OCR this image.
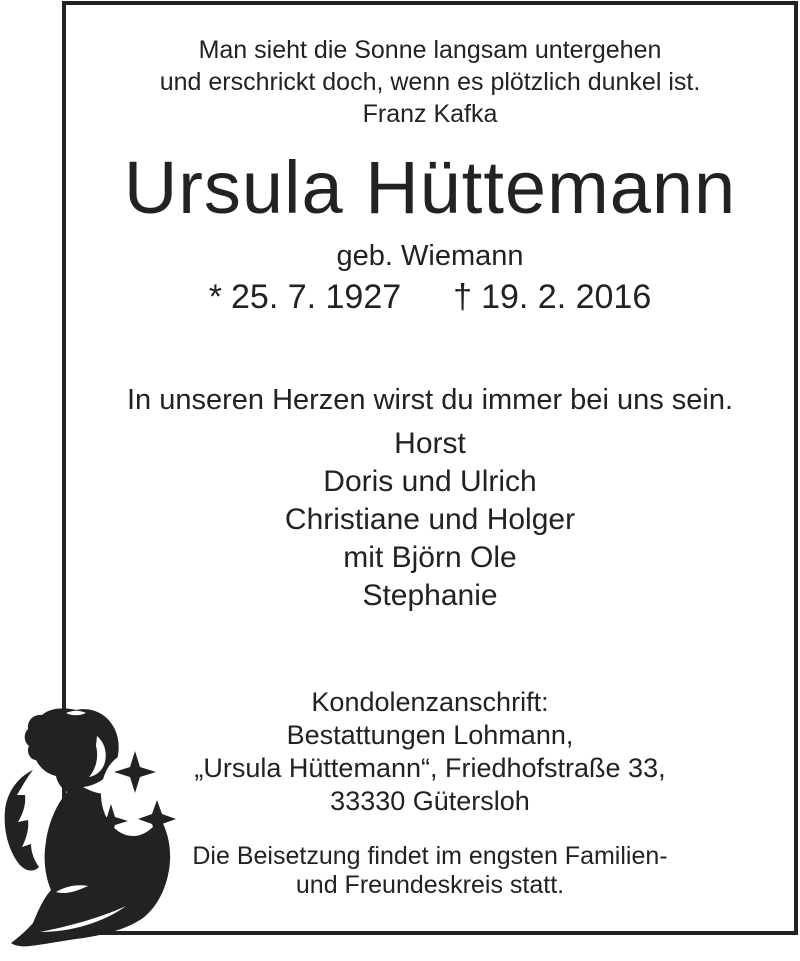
Man sieht die Sonne langsam untergehen
und erschrickt doch, wenn es plötzlich dunkel ist.
Franz Kafka
Ursula Hüttemann
geb. Wiemann
* 25. 7. 1927 † 19. 2. 2016
In unseren Herzen wirst du immer bei uns sein.
Horst
Doris und Ulrich
Christiane und Holger
mit Björn Ole
Stephanie
Kondolenzanschrift:
Bestattungen Lohmann,
„Ursula Hüttemann“, Friedhofstraße 33,
33330 Gütersloh
Die Beisetzung findet im engsten Familien-
und Freundeskreis statt.
